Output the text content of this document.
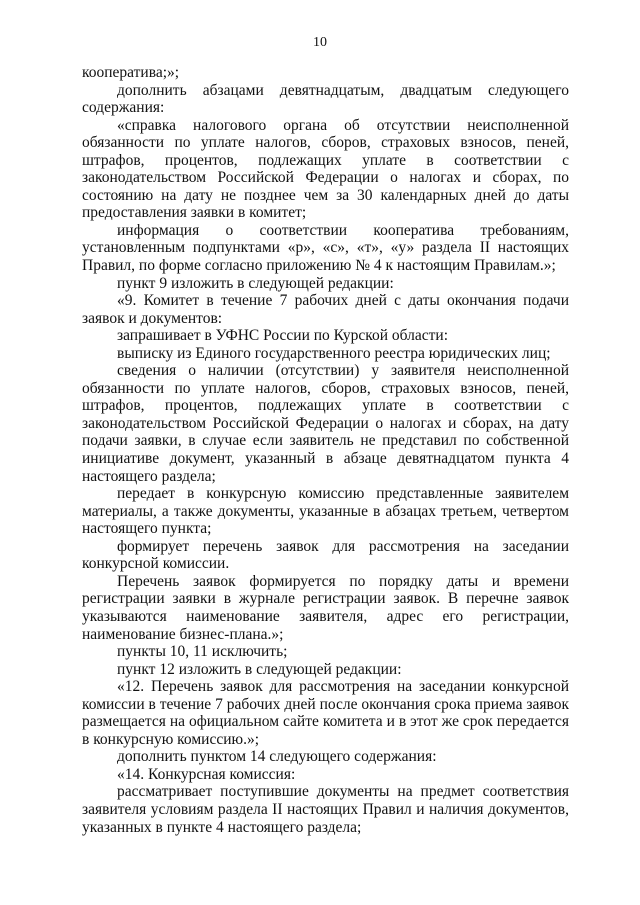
10

кооператива;»;

дополнить абзацами девятнадцатым, двадцатым следующего содержания:

«справка налогового органа об отсутствии неисполненной обязанности по уплате налогов, сборов, страховых взносов, пеней, штрафов, процентов, подлежащих уплате в соответствии с законодательством Российской Федерации о налогах и сборах, по состоянию на дату не позднее чем за 30 календарных дней до даты предоставления заявки в комитет;

информация о соответствии кооператива требованиям, установленным подпунктами «р», «с», «т», «у» раздела II настоящих Правил, по форме согласно приложению № 4 к настоящим Правилам.»;

пункт 9 изложить в следующей редакции:

«9. Комитет в течение 7 рабочих дней с даты окончания подачи заявок и документов:

запрашивает в УФНС России по Курской области:

выписку из Единого государственного реестра юридических лиц;

сведения о наличии (отсутствии) у заявителя неисполненной обязанности по уплате налогов, сборов, страховых взносов, пеней, штрафов, процентов, подлежащих уплате в соответствии с законодательством Российской Федерации о налогах и сборах, на дату подачи заявки, в случае если заявитель не представил по собственной инициативе документ, указанный в абзаце девятнадцатом пункта 4 настоящего раздела;

передает в конкурсную комиссию представленные заявителем материалы, а также документы, указанные в абзацах третьем, четвертом настоящего пункта;

формирует перечень заявок для рассмотрения на заседании конкурсной комиссии.

Перечень заявок формируется по порядку даты и времени регистрации заявки в журнале регистрации заявок. В перечне заявок указываются наименование заявителя, адрес его регистрации, наименование бизнес-плана.»;

пункты 10, 11 исключить;

пункт 12 изложить в следующей редакции:

«12. Перечень заявок для рассмотрения на заседании конкурсной комиссии в течение 7 рабочих дней после окончания срока приема заявок размещается на официальном сайте комитета и в этот же срок передается в конкурсную комиссию.»;

дополнить пунктом 14 следующего содержания:

«14. Конкурсная комиссия:

рассматривает поступившие документы на предмет соответствия заявителя условиям раздела II настоящих Правил и наличия документов, указанных в пункте 4 настоящего раздела;
